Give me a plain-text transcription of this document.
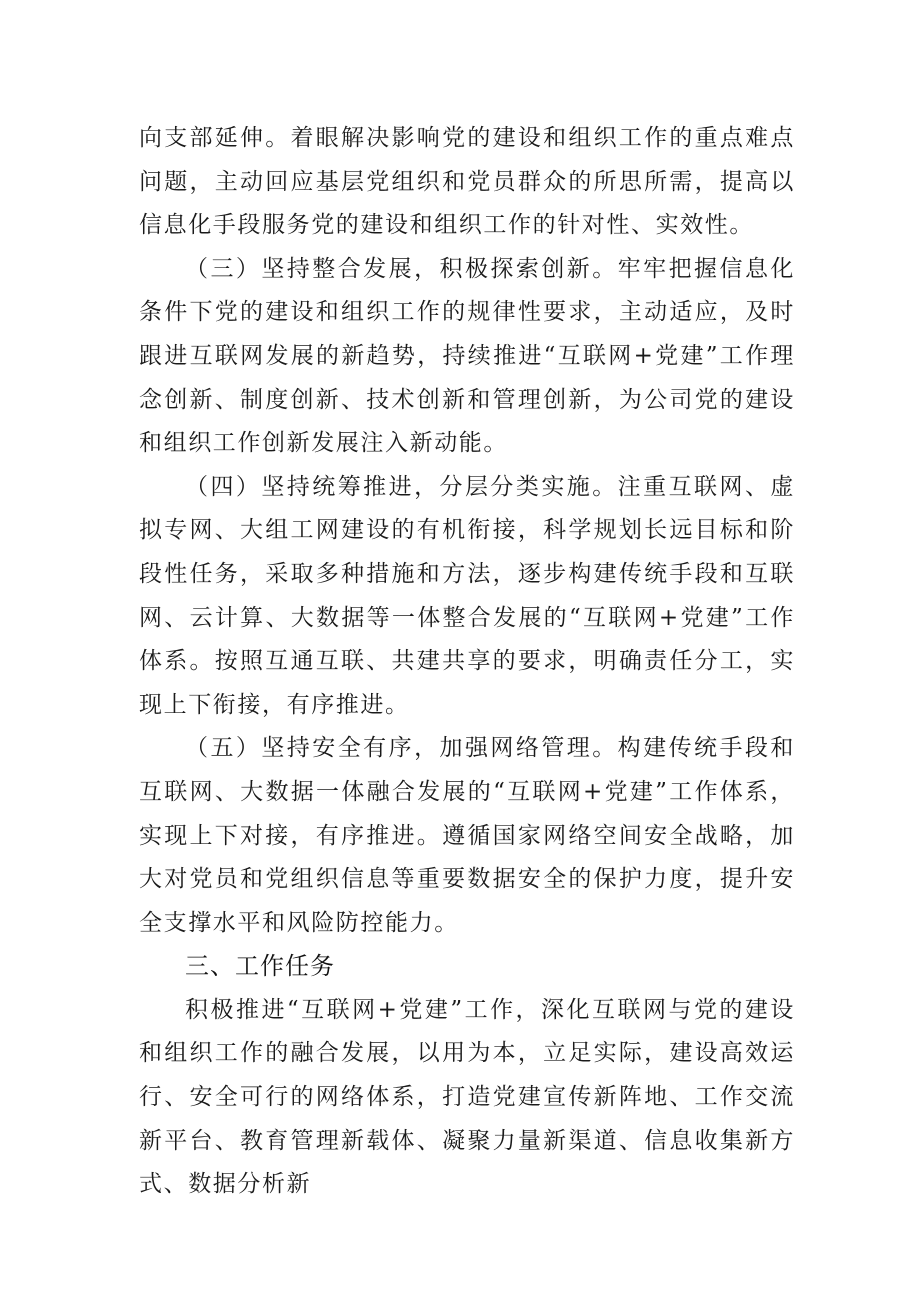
向支部延伸。着眼解决影响党的建设和组织工作的重点难点问题，主动回应基层党组织和党员群众的所思所需，提高以信息化手段服务党的建设和组织工作的针对性、实效性。

（三）坚持整合发展，积极探索创新。牢牢把握信息化条件下党的建设和组织工作的规律性要求，主动适应，及时跟进互联网发展的新趋势，持续推进“互联网+党建”工作理念创新、制度创新、技术创新和管理创新，为公司党的建设和组织工作创新发展注入新动能。

（四）坚持统筹推进，分层分类实施。注重互联网、虚拟专网、大组工网建设的有机衔接，科学规划长远目标和阶段性任务，采取多种措施和方法，逐步构建传统手段和互联网、云计算、大数据等一体整合发展的“互联网+党建”工作体系。按照互通互联、共建共享的要求，明确责任分工，实现上下衔接，有序推进。

（五）坚持安全有序，加强网络管理。构建传统手段和互联网、大数据一体融合发展的“互联网+党建”工作体系，实现上下对接，有序推进。遵循国家网络空间安全战略，加大对党员和党组织信息等重要数据安全的保护力度，提升安全支撑水平和风险防控能力。

三、工作任务

积极推进“互联网+党建”工作，深化互联网与党的建设和组织工作的融合发展，以用为本，立足实际，建设高效运行、安全可行的网络体系，打造党建宣传新阵地、工作交流新平台、教育管理新载体、凝聚力量新渠道、信息收集新方式、数据分析新
